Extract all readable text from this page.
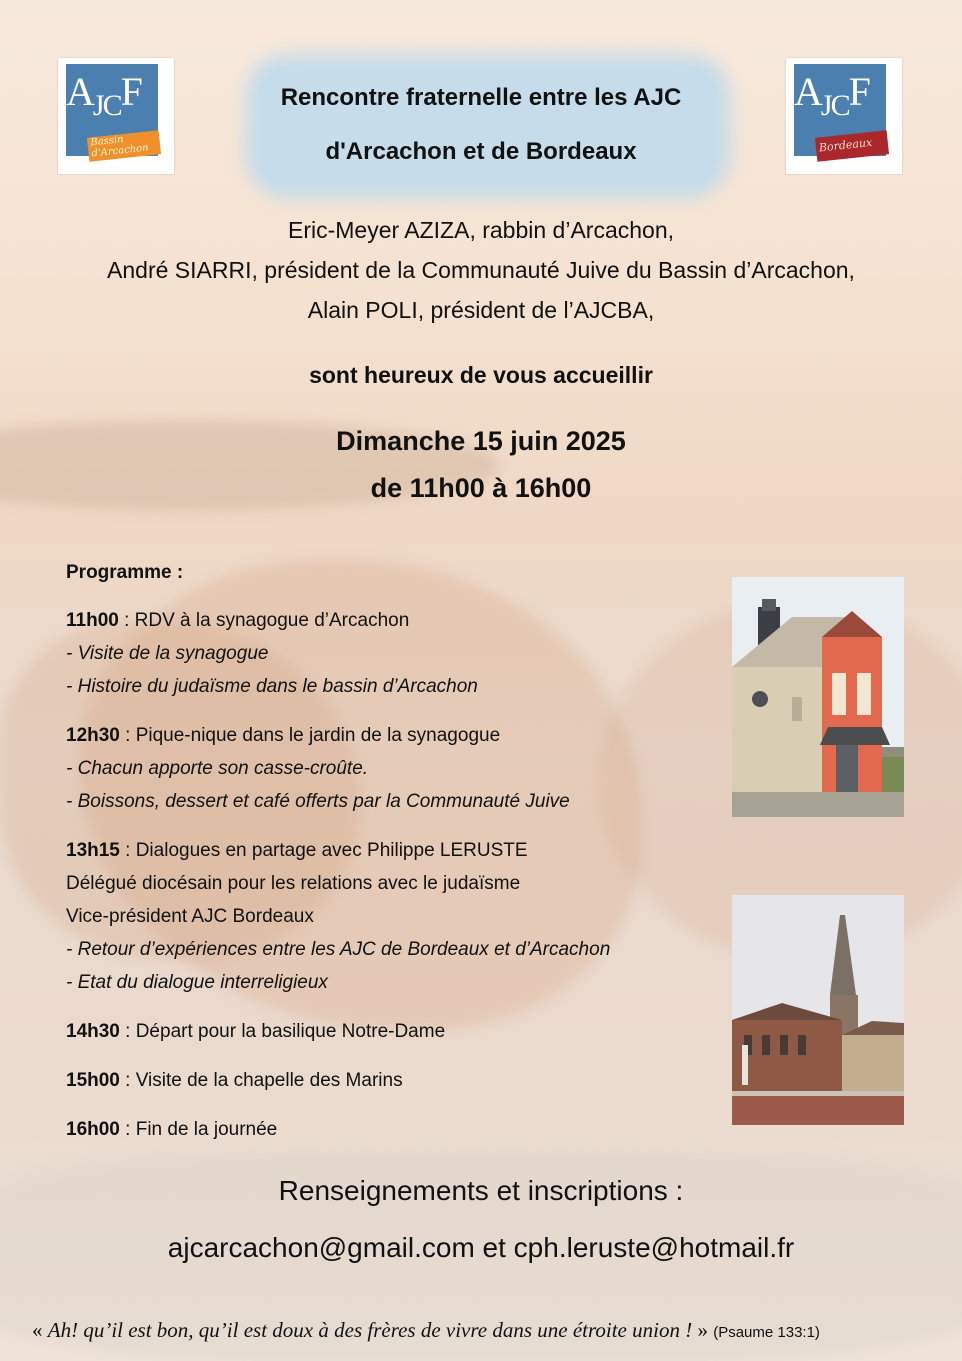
$A_{JC}F$
Bassin d'Arcachon
$A_{JC}F$
Bordeaux
Rencontre fraternelle entre les AJC
d'Arcachon et de Bordeaux
Eric-Meyer AZIZA, rabbin d’Arcachon,
André SIARRI, président de la Communauté Juive du Bassin d’Arcachon,
Alain POLI, président de l’AJCBA,
sont heureux de vous accueillir
Dimanche 15 juin 2025
de 11h00 à 16h00
Programme :
11h00 : RDV à la synagogue d’Arcachon
- Visite de la synagogue
- Histoire du judaïsme dans le bassin d’Arcachon
12h30 : Pique-nique dans le jardin de la synagogue
- Chacun apporte son casse-croûte.
- Boissons, dessert et café offerts par la Communauté Juive
13h15 : Dialogues en partage avec Philippe LERUSTE
Délégué diocésain pour les relations avec le judaïsme
Vice-président AJC Bordeaux
- Retour d’expériences entre les AJC de Bordeaux et d’Arcachon
- Etat du dialogue interreligieux
14h30 : Départ pour la basilique Notre-Dame
15h00 : Visite de la chapelle des Marins
16h00 : Fin de la journée
Renseignements et inscriptions :
ajcarcachon@gmail.com et cph.leruste@hotmail.fr
« Ah! qu’il est bon, qu’il est doux à des frères de vivre dans une étroite union ! » (Psaume 133:1)
